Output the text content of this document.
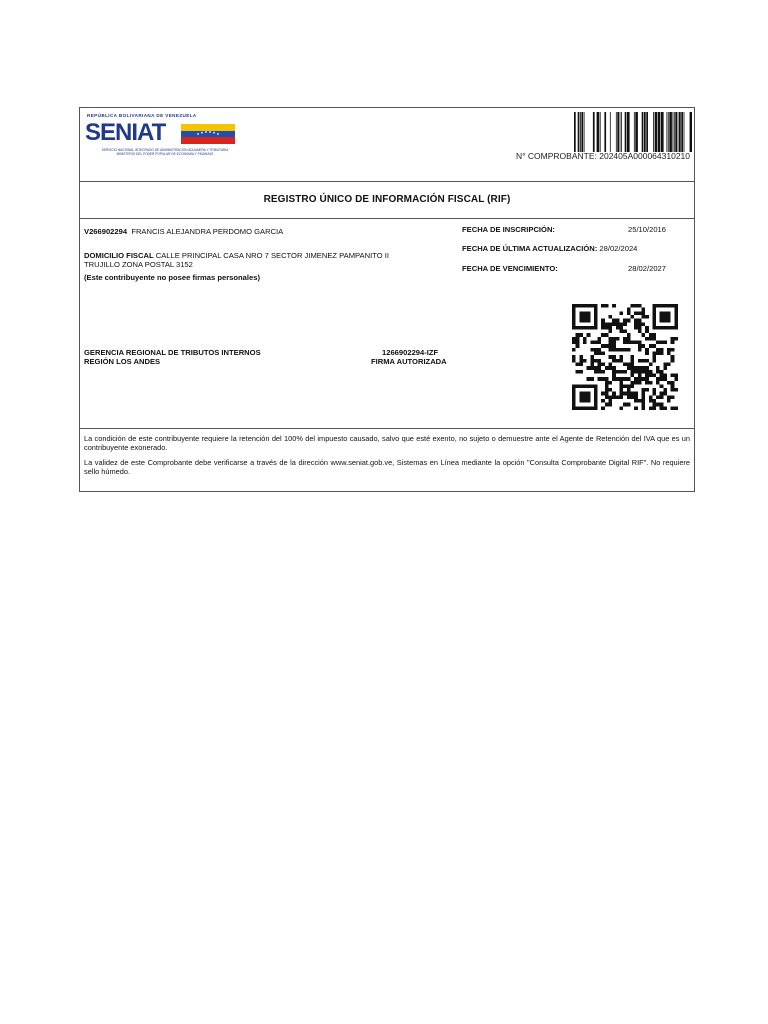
REPÚBLICA BOLIVARIANA DE VENEZUELA
SENIAT
SERVICIO NACIONAL INTEGRADO DE ADMINISTRACIÓN ADUANERA Y TRIBUTARIA
MINISTERIO DEL PODER POPULAR DE ECONOMÍA Y FINANZAS	N° COMPROBANTE: 202405A000064310210
REGISTRO ÚNICO DE INFORMACIÓN FISCAL (RIF)
V266902294 FRANCIS ALEJANDRA PERDOMO GARCIA
DOMICILIO FISCAL CALLE PRINCIPAL CASA NRO 7 SECTOR JIMENEZ PAMPANITO II
TRUJILLO ZONA POSTAL 3152
(Este contribuyente no posee firmas personales)
FECHA DE INSCRIPCIÓN:	25/10/2016
FECHA DE ÚLTIMA ACTUALIZACIÓN: 28/02/2024
FECHA DE VENCIMIENTO:	28/02/2027
GERENCIA REGIONAL DE TRIBUTOS INTERNOS
REGIÓN LOS ANDES
1266902294-IZF
FIRMA AUTORIZADA

La condición de este contribuyente requiere la retención del 100% del impuesto causado, salvo que esté exento, no sujeto o demuestre ante el Agente de Retención del IVA que es un contribuyente exonerado.

La validez de este Comprobante debe verificarse a través de la dirección www.seniat.gob.ve, Sistemas en Línea mediante la opción "Consulta Comprobante Digital RIF". No requiere sello húmedo.
